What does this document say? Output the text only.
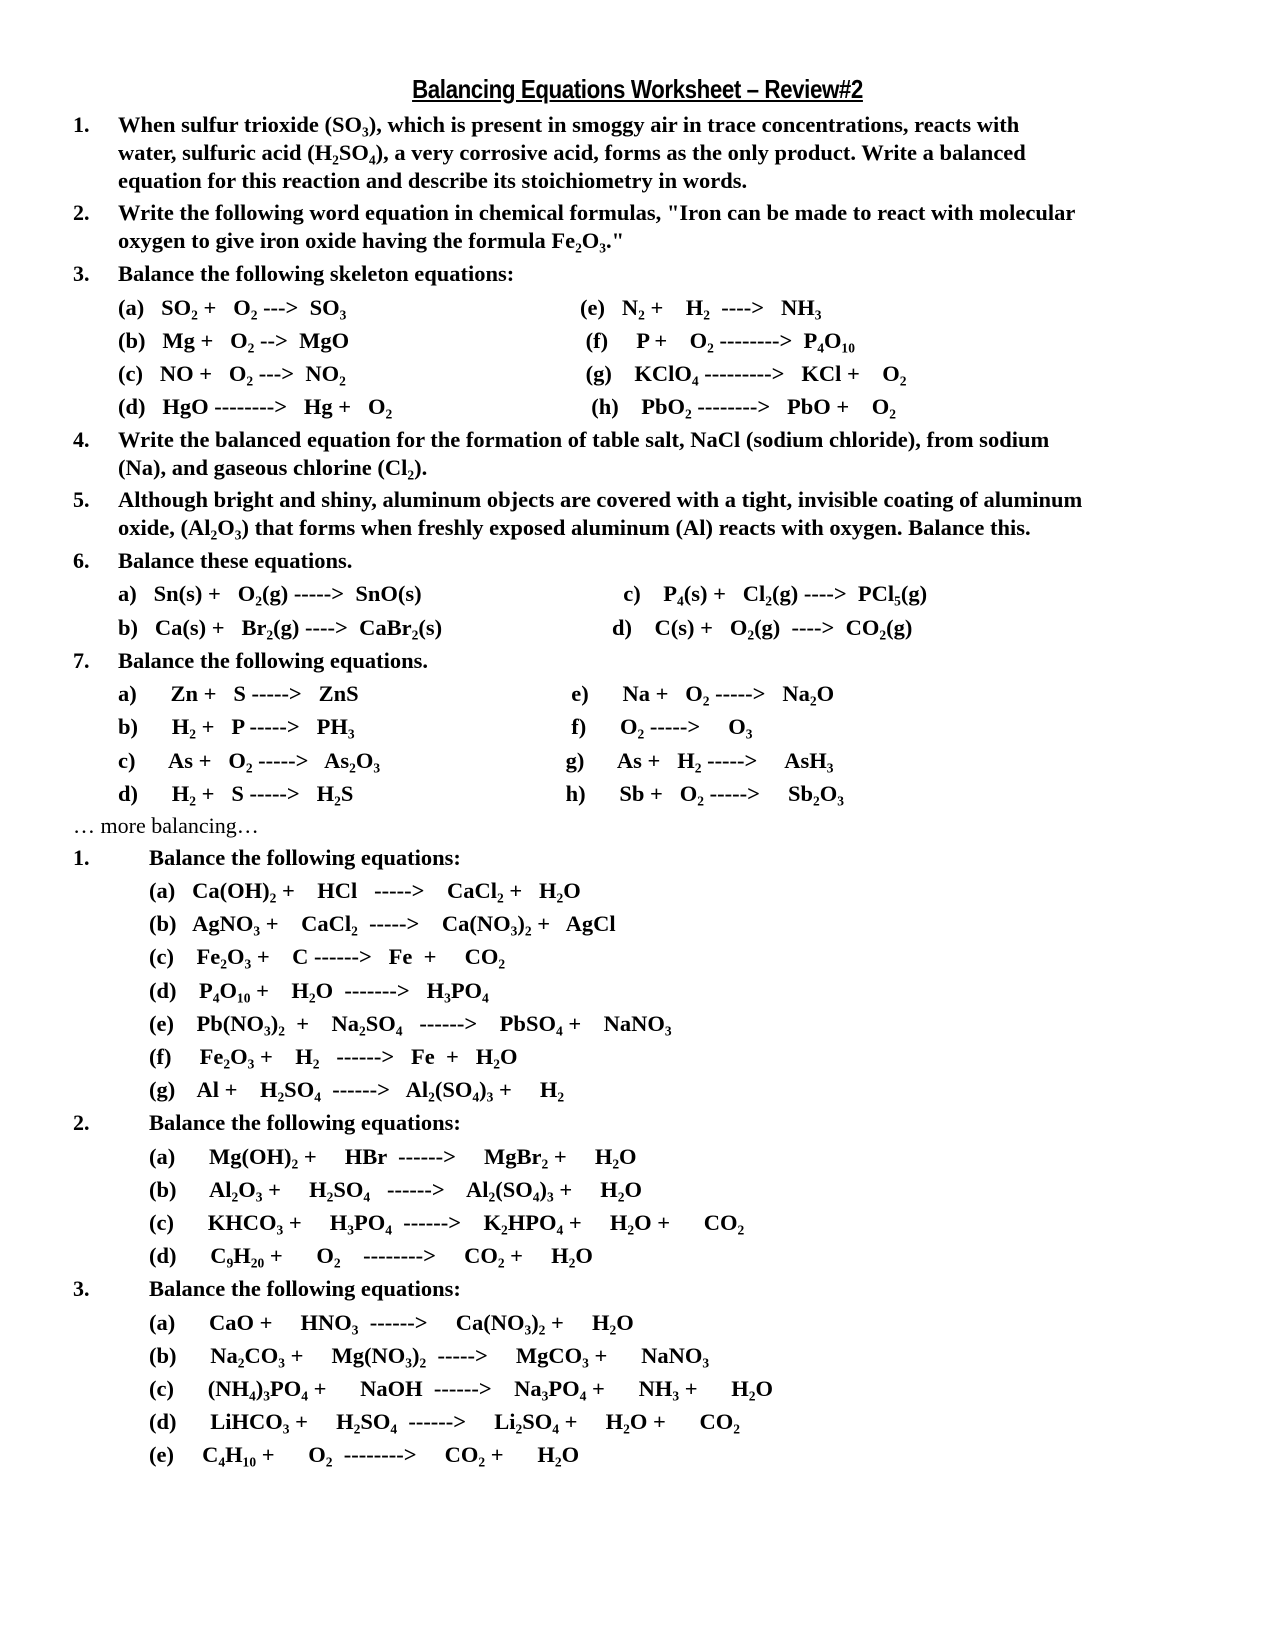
Balancing Equations Worksheet – Review#2
1. When sulfur trioxide (SO₃), which is present in smoggy air in trace concentrations, reacts with
water, sulfuric acid (H₂SO₄), a very corrosive acid, forms as the only product. Write a balanced
equation for this reaction and describe its stoichiometry in words.
2. Write the following word equation in chemical formulas, "Iron can be made to react with molecular
oxygen to give iron oxide having the formula Fe₂O₃."
3. Balance the following skeleton equations:
(a)   SO₂ +   O₂ --->  SO₃
(b)   Mg +   O₂ -->  MgO
(c)   NO +   O₂ --->  NO₂
(d)   HgO -------->   Hg +   O₂
(e)   N₂ +    H₂  ---->   NH₃
(f)     P +    O₂ -------->  P₄O₁₀
(g)    KClO₄ --------->   KCl +    O₂
(h)    PbO₂ -------->   PbO +    O₂
4. Write the balanced equation for the formation of table salt, NaCl (sodium chloride), from sodium
(Na), and gaseous chlorine (Cl₂).
5. Although bright and shiny, aluminum objects are covered with a tight, invisible coating of aluminum
oxide, (Al₂O₃) that forms when freshly exposed aluminum (Al) reacts with oxygen. Balance this.
6. Balance these equations.
a)   Sn(s) +   O₂(g) ----->  SnO(s)
b)   Ca(s) +   Br₂(g) ---->  CaBr₂(s)
c)    P₄(s) +   Cl₂(g) ---->  PCl₅(g)
d)    C(s) +   O₂(g)  ---->  CO₂(g)
7. Balance the following equations.
a)      Zn +   S ----->   ZnS
b)      H₂ +   P ----->   PH₃
c)      As +   O₂ ----->   As₂O₃
d)      H₂ +   S ----->   H₂S
e)      Na +   O₂ ----->   Na₂O
f)      O₂ ----->     O₃
g)      As +   H₂ ----->     AsH₃
h)      Sb +   O₂ ----->     Sb₂O₃
… more balancing…
1.	Balance the following equations:
(a)   Ca(OH)₂ +    HCl   ----->    CaCl₂ +   H₂O
(b)   AgNO₃ +    CaCl₂  ----->    Ca(NO₃)₂ +   AgCl
(c)    Fe₂O₃ +    C ------>   Fe  +     CO₂
(d)    P₄O₁₀ +    H₂O  ------->   H₃PO₄
(e)    Pb(NO₃)₂  +    Na₂SO₄   ------>    PbSO₄ +    NaNO₃
(f)     Fe₂O₃ +    H₂   ------>   Fe  +   H₂O
(g)    Al +    H₂SO₄  ------>   Al₂(SO₄)₃ +     H₂
2.	Balance the following equations:
(a)      Mg(OH)₂ +     HBr  ------>     MgBr₂ +     H₂O
(b)      Al₂O₃ +     H₂SO₄   ------>    Al₂(SO₄)₃ +     H₂O
(c)      KHCO₃ +     H₃PO₄  ------>    K₂HPO₄ +     H₂O +      CO₂
(d)      C₉H₂₀ +      O₂    -------->     CO₂ +     H₂O
3.	Balance the following equations:
(a)      CaO +     HNO₃  ------>     Ca(NO₃)₂ +     H₂O
(b)      Na₂CO₃ +     Mg(NO₃)₂  ----->     MgCO₃ +      NaNO₃
(c)      (NH₄)₃PO₄ +      NaOH  ------>    Na₃PO₄ +      NH₃ +      H₂O
(d)      LiHCO₃ +     H₂SO₄  ------>     Li₂SO₄ +     H₂O +      CO₂
(e)     C₄H₁₀ +      O₂  -------->     CO₂ +      H₂O
